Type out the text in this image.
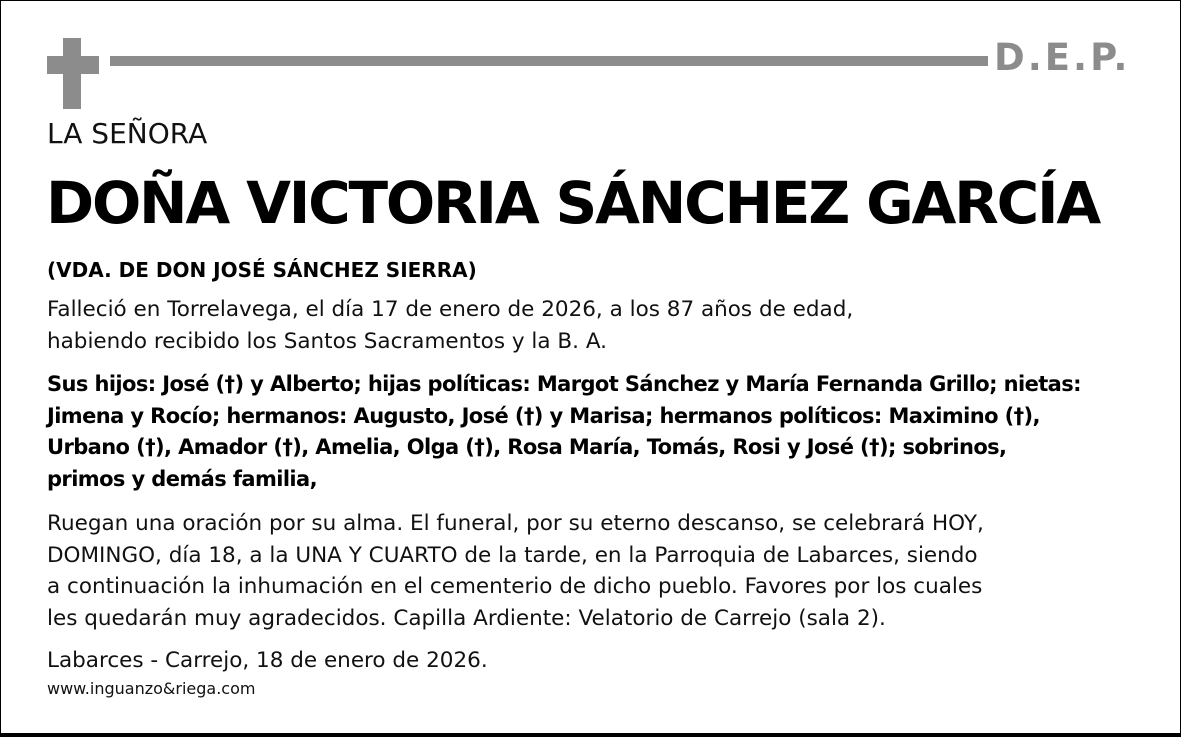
D.E.P.
LA SEÑORA
DOÑA VICTORIA SÁNCHEZ GARCÍA
(VDA. DE DON JOSÉ SÁNCHEZ SIERRA)
Falleció en Torrelavega, el día 17 de enero de 2026, a los 87 años de edad,
habiendo recibido los Santos Sacramentos y la B. A.
Sus hijos: José (†) y Alberto; hijas políticas: Margot Sánchez y María Fernanda Grillo; nietas:
Jimena y Rocío; hermanos: Augusto, José (†) y Marisa; hermanos políticos: Maximino (†),
Urbano (†), Amador (†), Amelia, Olga (†), Rosa María, Tomás, Rosi y José (†); sobrinos,
primos y demás familia,
Ruegan una oración por su alma. El funeral, por su eterno descanso, se celebrará HOY,
DOMINGO, día 18, a la UNA Y CUARTO de la tarde, en la Parroquia de Labarces, siendo
a continuación la inhumación en el cementerio de dicho pueblo. Favores por los cuales
les quedarán muy agradecidos. Capilla Ardiente: Velatorio de Carrejo (sala 2).
Labarces - Carrejo, 18 de enero de 2026.
www.inguanzo&riega.com
